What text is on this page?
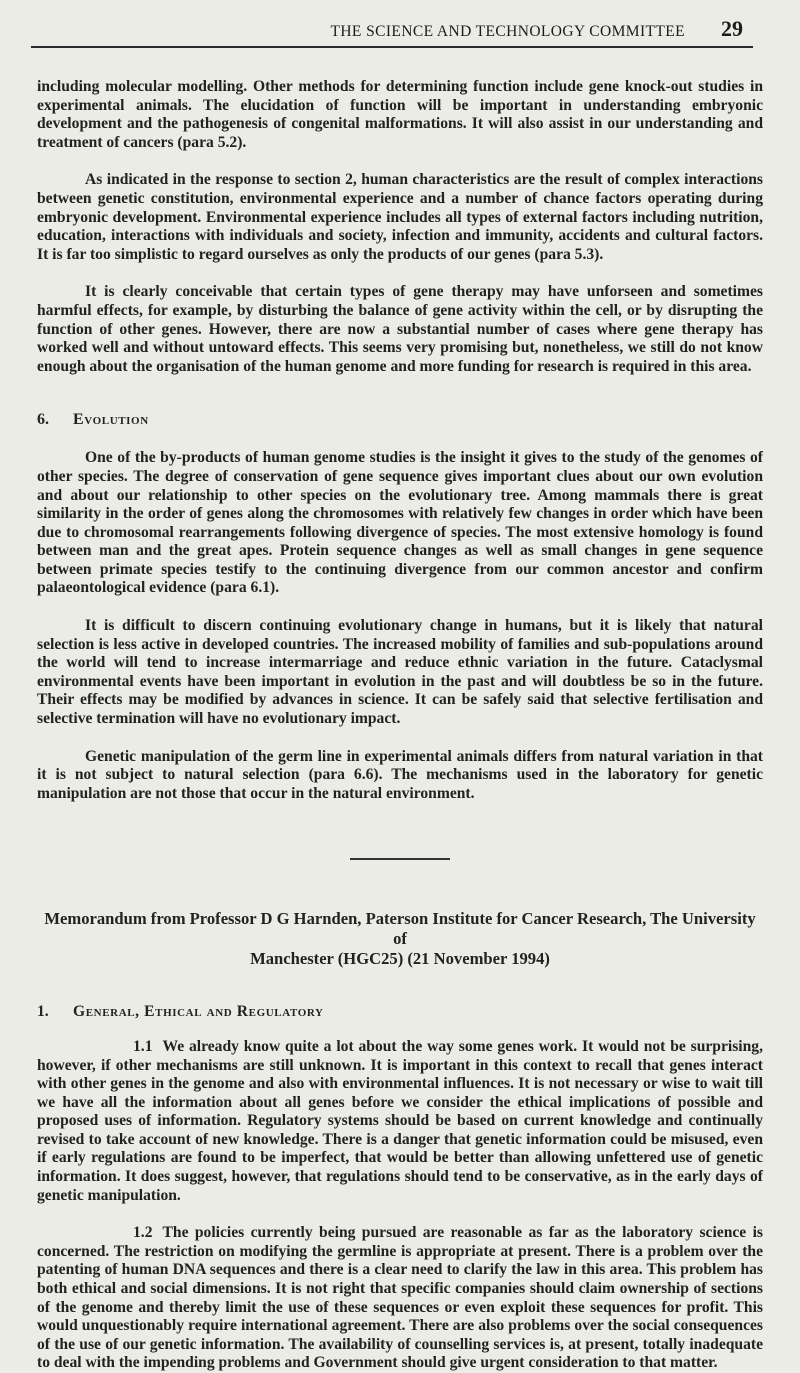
THE SCIENCE AND TECHNOLOGY COMMITTEE 29

including molecular modelling. Other methods for determining function include gene knock-out studies in experimental animals. The elucidation of function will be important in understanding embryonic development and the pathogenesis of congenital malformations. It will also assist in our understanding and treatment of cancers (para 5.2).

As indicated in the response to section 2, human characteristics are the result of complex interactions between genetic constitution, environmental experience and a number of chance factors operating during embryonic development. Environmental experience includes all types of external factors including nutrition, education, interactions with individuals and society, infection and immunity, accidents and cultural factors. It is far too simplistic to regard ourselves as only the products of our genes (para 5.3).

It is clearly conceivable that certain types of gene therapy may have unforseen and sometimes harmful effects, for example, by disturbing the balance of gene activity within the cell, or by disrupting the function of other genes. However, there are now a substantial number of cases where gene therapy has worked well and without untoward effects. This seems very promising but, nonetheless, we still do not know enough about the organisation of the human genome and more funding for research is required in this area.

6. Evolution

One of the by-products of human genome studies is the insight it gives to the study of the genomes of other species. The degree of conservation of gene sequence gives important clues about our own evolution and about our relationship to other species on the evolutionary tree. Among mammals there is great similarity in the order of genes along the chromosomes with relatively few changes in order which have been due to chromosomal rearrangements following divergence of species. The most extensive homology is found between man and the great apes. Protein sequence changes as well as small changes in gene sequence between primate species testify to the continuing divergence from our common ancestor and confirm palaeontological evidence (para 6.1).

It is difficult to discern continuing evolutionary change in humans, but it is likely that natural selection is less active in developed countries. The increased mobility of families and sub-populations around the world will tend to increase intermarriage and reduce ethnic variation in the future. Cataclysmal environmental events have been important in evolution in the past and will doubtless be so in the future. Their effects may be modified by advances in science. It can be safely said that selective fertilisation and selective termination will have no evolutionary impact.

Genetic manipulation of the germ line in experimental animals differs from natural variation in that it is not subject to natural selection (para 6.6). The mechanisms used in the laboratory for genetic manipulation are not those that occur in the natural environment.

Memorandum from Professor D G Harnden, Paterson Institute for Cancer Research, The University of
Manchester (HGC25) (21 November 1994)
1. General, Ethical and Regulatory

1.1 We already know quite a lot about the way some genes work. It would not be surprising, however, if other mechanisms are still unknown. It is important in this context to recall that genes interact with other genes in the genome and also with environmental influences. It is not necessary or wise to wait till we have all the information about all genes before we consider the ethical implications of possible and proposed uses of information. Regulatory systems should be based on current knowledge and continually revised to take account of new knowledge. There is a danger that genetic information could be misused, even if early regulations are found to be imperfect, that would be better than allowing unfettered use of genetic information. It does suggest, however, that regulations should tend to be conservative, as in the early days of genetic manipulation.

1.2 The policies currently being pursued are reasonable as far as the laboratory science is concerned. The restriction on modifying the germline is appropriate at present. There is a problem over the patenting of human DNA sequences and there is a clear need to clarify the law in this area. This problem has both ethical and social dimensions. It is not right that specific companies should claim ownership of sections of the genome and thereby limit the use of these sequences or even exploit these sequences for profit. This would unquestionably require international agreement. There are also problems over the social consequences of the use of our genetic information. The availability of counselling services is, at present, totally inadequate to deal with the impending problems and Government should give urgent consideration to that matter.
